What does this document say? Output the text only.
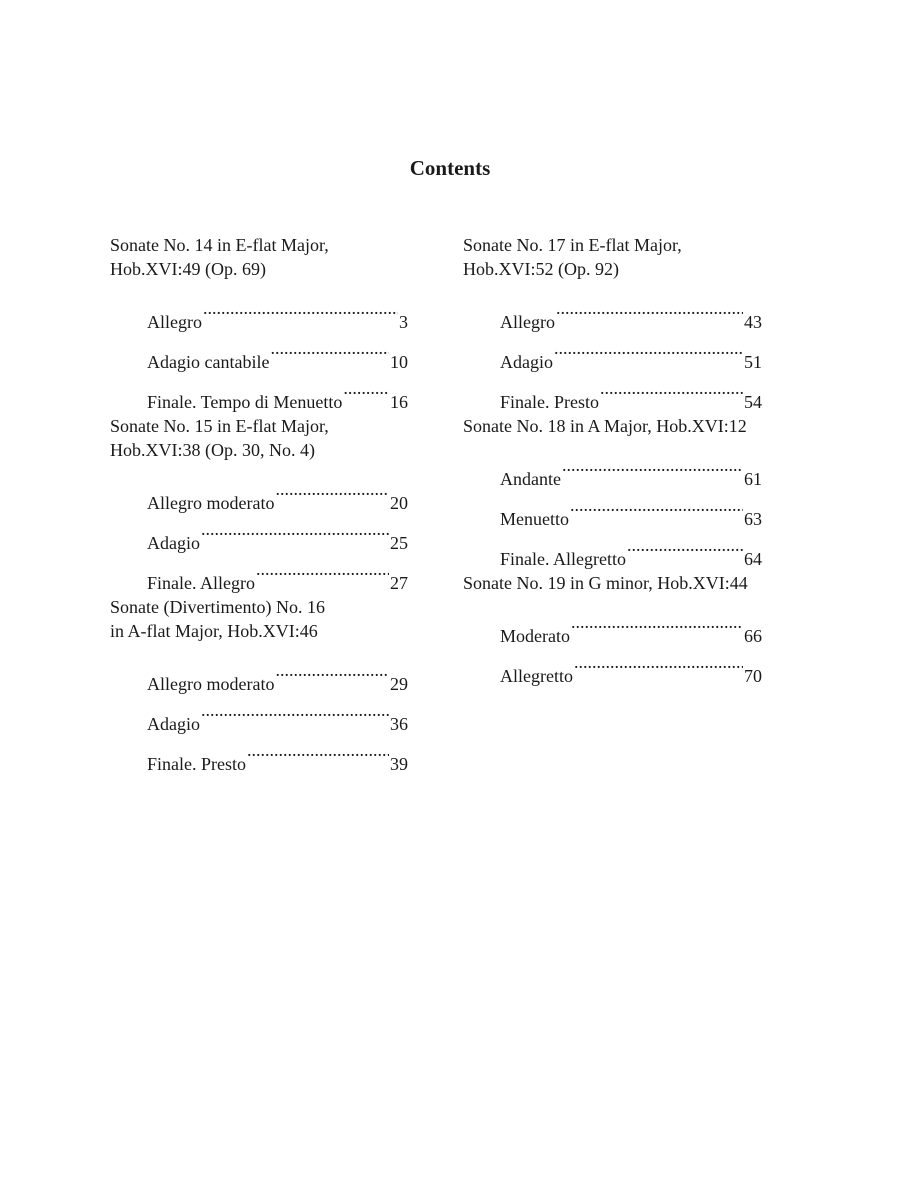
Contents
Sonate No. 14 in E-flat Major,
Hob.XVI:49 (Op. 69)
Allegro .....	3
Adagio cantabile .....	10
Finale. Tempo di Menuetto .....	16
Sonate No. 15 in E-flat Major,
Hob.XVI:38 (Op. 30, No. 4)
Allegro moderato .....	20
Adagio .....	25
Finale. Allegro .....	27
Sonate (Divertimento) No. 16
in A-flat Major, Hob.XVI:46
Allegro moderato .....	29
Adagio .....	36
Finale. Presto .....	39
Sonate No. 17 in E-flat Major,
Hob.XVI:52 (Op. 92)
Allegro .....	43
Adagio .....	51
Finale. Presto .....	54
Sonate No. 18 in A Major, Hob.XVI:12
Andante .....	61
Menuetto .....	63
Finale. Allegretto .....	64
Sonate No. 19 in G minor, Hob.XVI:44
Moderato .....	66
Allegretto .....	70
